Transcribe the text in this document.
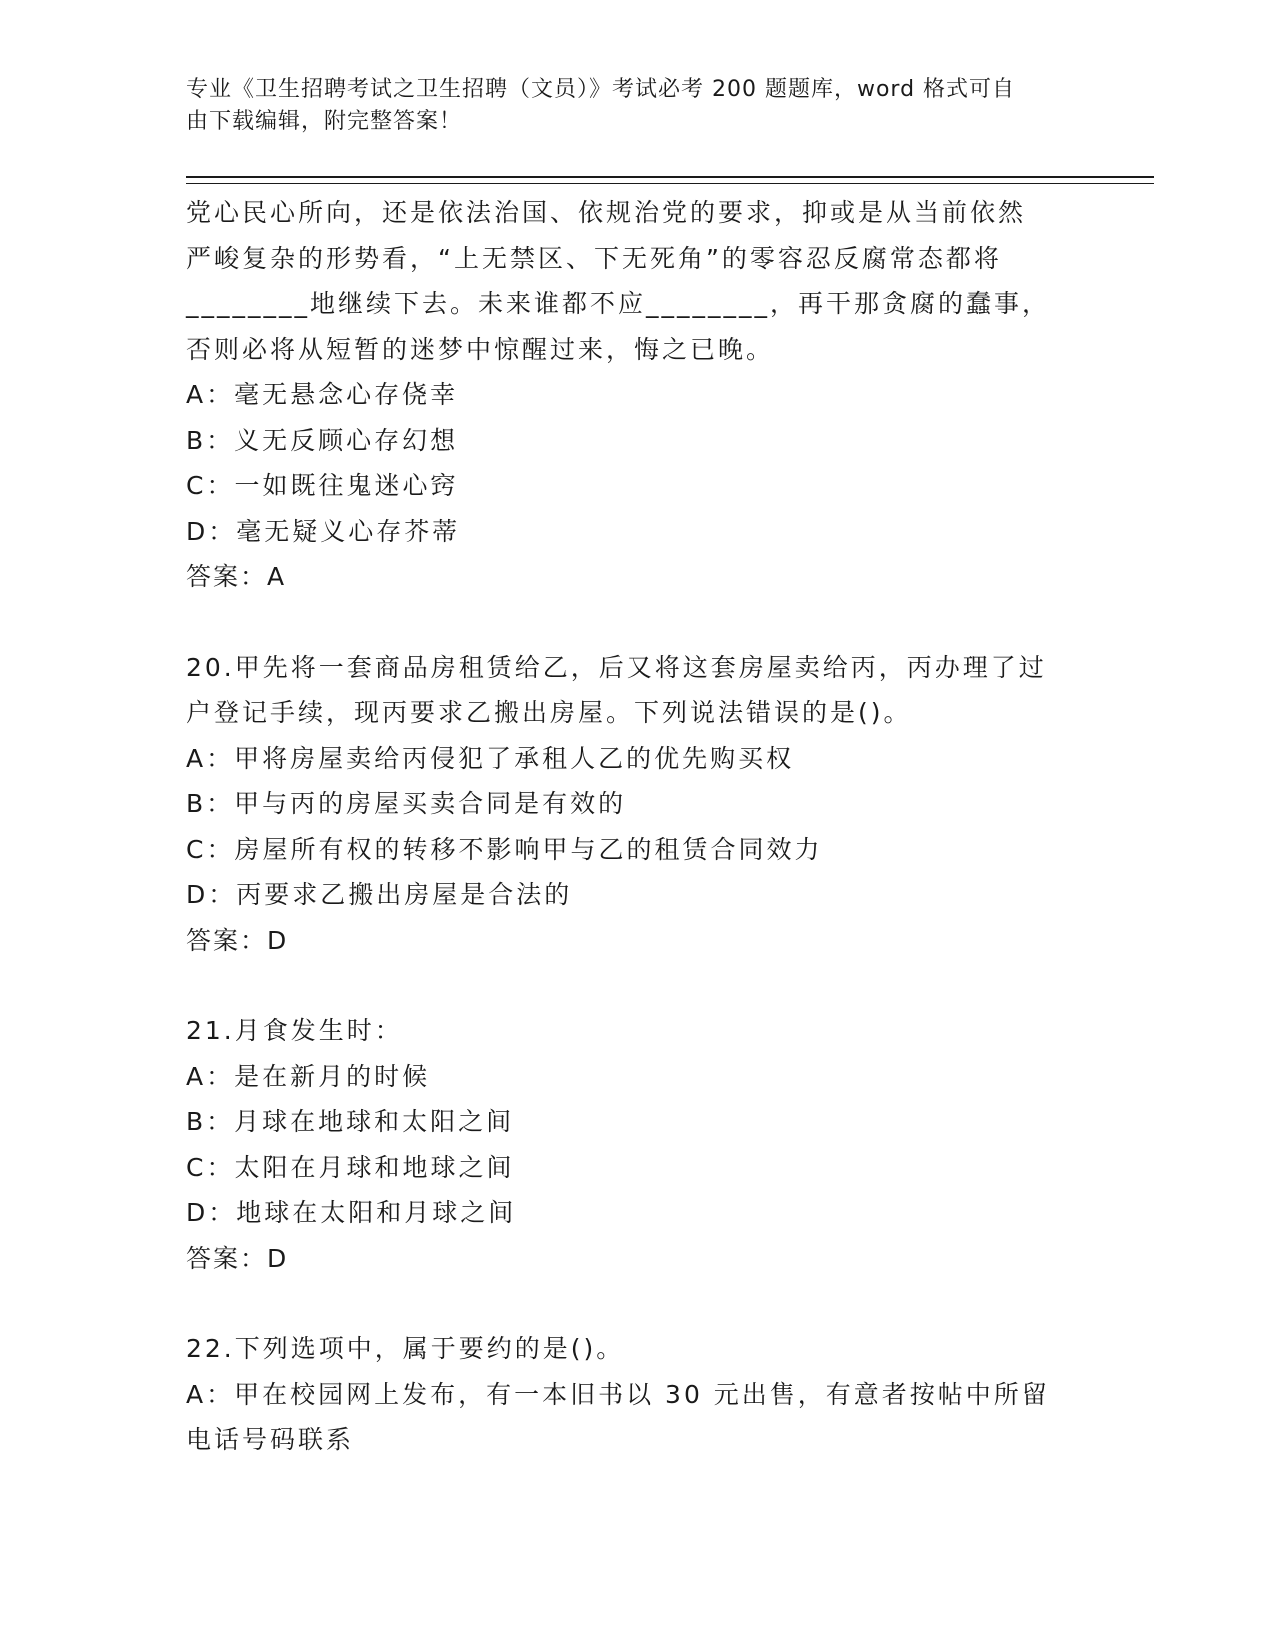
专业《卫生招聘考试之卫生招聘（文员）》考试必考 200 题题库，word 格式可自
由下载编辑，附完整答案！
党心民心所向，还是依法治国、依规治党的要求，抑或是从当前依然
严峻复杂的形势看，“上无禁区、下无死角”的零容忍反腐常态都将
________地继续下去。未来谁都不应________，再干那贪腐的蠢事，
否则必将从短暂的迷梦中惊醒过来，悔之已晚。
A：毫无悬念心存侥幸
B：义无反顾心存幻想
C：一如既往鬼迷心窍
D：毫无疑义心存芥蒂
答案：A
20.甲先将一套商品房租赁给乙，后又将这套房屋卖给丙，丙办理了过
户登记手续，现丙要求乙搬出房屋。下列说法错误的是()。
A：甲将房屋卖给丙侵犯了承租人乙的优先购买权
B：甲与丙的房屋买卖合同是有效的
C：房屋所有权的转移不影响甲与乙的租赁合同效力
D：丙要求乙搬出房屋是合法的
答案：D
21.月食发生时：
A：是在新月的时候
B：月球在地球和太阳之间
C：太阳在月球和地球之间
D：地球在太阳和月球之间
答案：D
22.下列选项中，属于要约的是()。
A：甲在校园网上发布，有一本旧书以 30 元出售，有意者按帖中所留
电话号码联系
